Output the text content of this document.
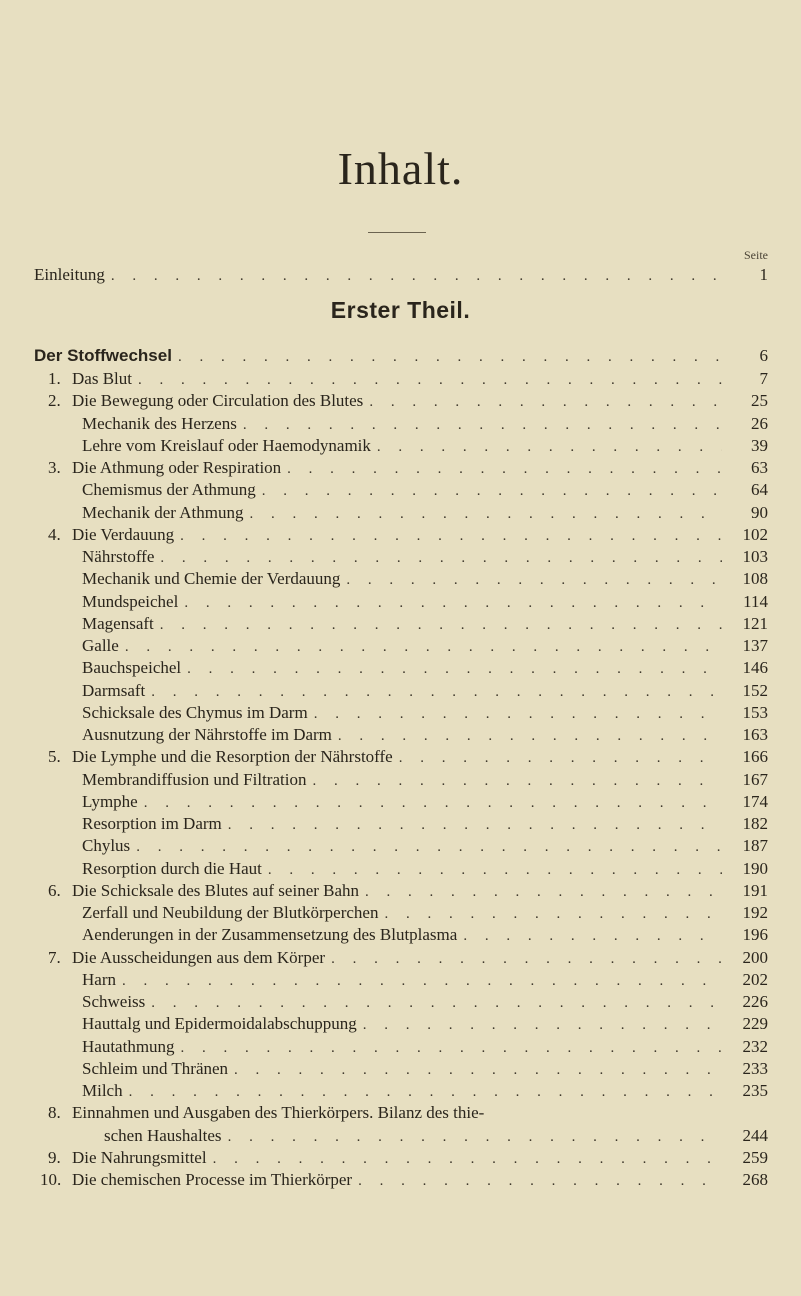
Inhalt.
Seite
Einleitung . . .	1
Erster Theil.
Der Stoffwechsel . . .	6
1. Das Blut . . .	7
2. Die Bewegung oder Circulation des Blutes . . .	25
Mechanik des Herzens . . .	26
Lehre vom Kreislauf oder Haemodynamik . . .	39
3. Die Athmung oder Respiration . . .	63
Chemismus der Athmung . . .	64
Mechanik der Athmung . . .	90
4. Die Verdauung . . .	102
Nährstoffe . . .	103
Mechanik und Chemie der Verdauung . . .	108
Mundspeichel . . .	114
Magensaft . . .	121
Galle . . .	137
Bauchspeichel . . .	146
Darmsaft . . .	152
Schicksale des Chymus im Darm . . .	153
Ausnutzung der Nährstoffe im Darm . . .	163
5. Die Lymphe und die Resorption der Nährstoffe . . .	166
Membrandiffusion und Filtration . . .	167
Lymphe . . .	174
Resorption im Darm . . .	182
Chylus . . .	187
Resorption durch die Haut . . .	190
6. Die Schicksale des Blutes auf seiner Bahn . . .	191
Zerfall und Neubildung der Blutkörperchen . . .	192
Aenderungen in der Zusammensetzung des Blutplasma . . .	196
7. Die Ausscheidungen aus dem Körper . . .	200
Harn . . .	202
Schweiss . . .	226
Hauttalg und Epidermoidalabschuppung . . .	229
Hautathmung . . .	232
Schleim und Thränen . . .	233
Milch . . .	235
8. Einnahmen und Ausgaben des Thierkörpers. Bilanz des thie-
schen Haushaltes . . .	244
9. Die Nahrungsmittel . . .	259
10. Die chemischen Processe im Thierkörper . . .	268
